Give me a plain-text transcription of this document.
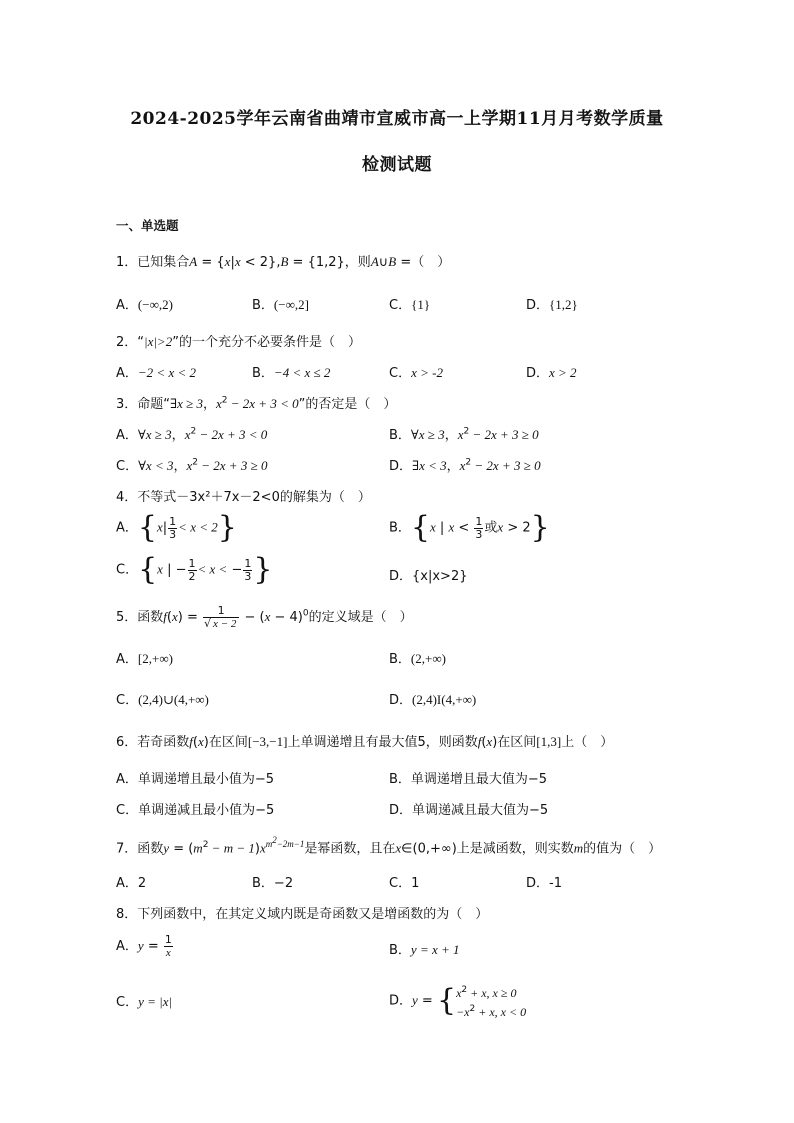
2024-2025学年云南省曲靖市宣威市高一上学期11月月考数学质量
检测试题
一、单选题
1．已知集合A = {x|x < 2},B = {1,2}，则A∪B =（　）
A．(−∞,2)	B．(−∞,2]	C．{1}	D．{1,2}
2．“|x|>2”的一个充分不必要条件是（　）
A．−2 < x < 2	B．−4 < x ≤ 2	C．x > -2	D．x > 2
3．命题“∃x ≥ 3，$x^2 - 2x + 3 < 0$”的否定是（　）
A．∀x ≥ 3，$x^2 - 2x + 3 < 0$	B．∀x ≥ 3，$x^2 - 2x + 3 \ge 0$
C．∀x < 3，$x^2 - 2x + 3 \ge 0$	D．∃x < 3，$x^2 - 2x + 3 \ge 0$
4．不等式－3x²＋7x－2<0的解集为（　）
A．$\{x| \frac{1}{3} < x < 2\}$	B．{x | $x < \frac{1}{3}$ 或x > 2}
C．{x | − $\frac{1}{2} < x$ < − $\frac{1}{3}$ }	D．{x|x>2}
5．函数$f(x) = \frac{1}{√ x - 2} - (x - 4)^0$的定义域是（　）
A．[2,+∞)	B．(2,+∞)
C．(2,4)∪(4,+∞)	D．(2,4)Ι(4,+∞)
6．若奇函数f(x)在区间[−3,−1]上单调递增且有最大值5，则函数f(x)在区间[1,3]上（　）
A．单调递增且最小值为−5	B．单调递增且最大值为−5
C．单调递减且最小值为−5	D．单调递减且最大值为−5
7．函数$y = (m^2 - m - 1)x^{m^2-2m-1}$是幂函数，且在x∈(0,+∞)上是减函数，则实数m的值为（　）
A．2	B．−2	C．1	D．-1
8．下列函数中，在其定义域内既是奇函数又是增函数的为（　）
A．$y = \frac{1}{x}$	B．y = x + 1
C．y = |x|	D．$y = \{x^2 + x$, x ≥ 0
$-x^2 + x$, x < 0
